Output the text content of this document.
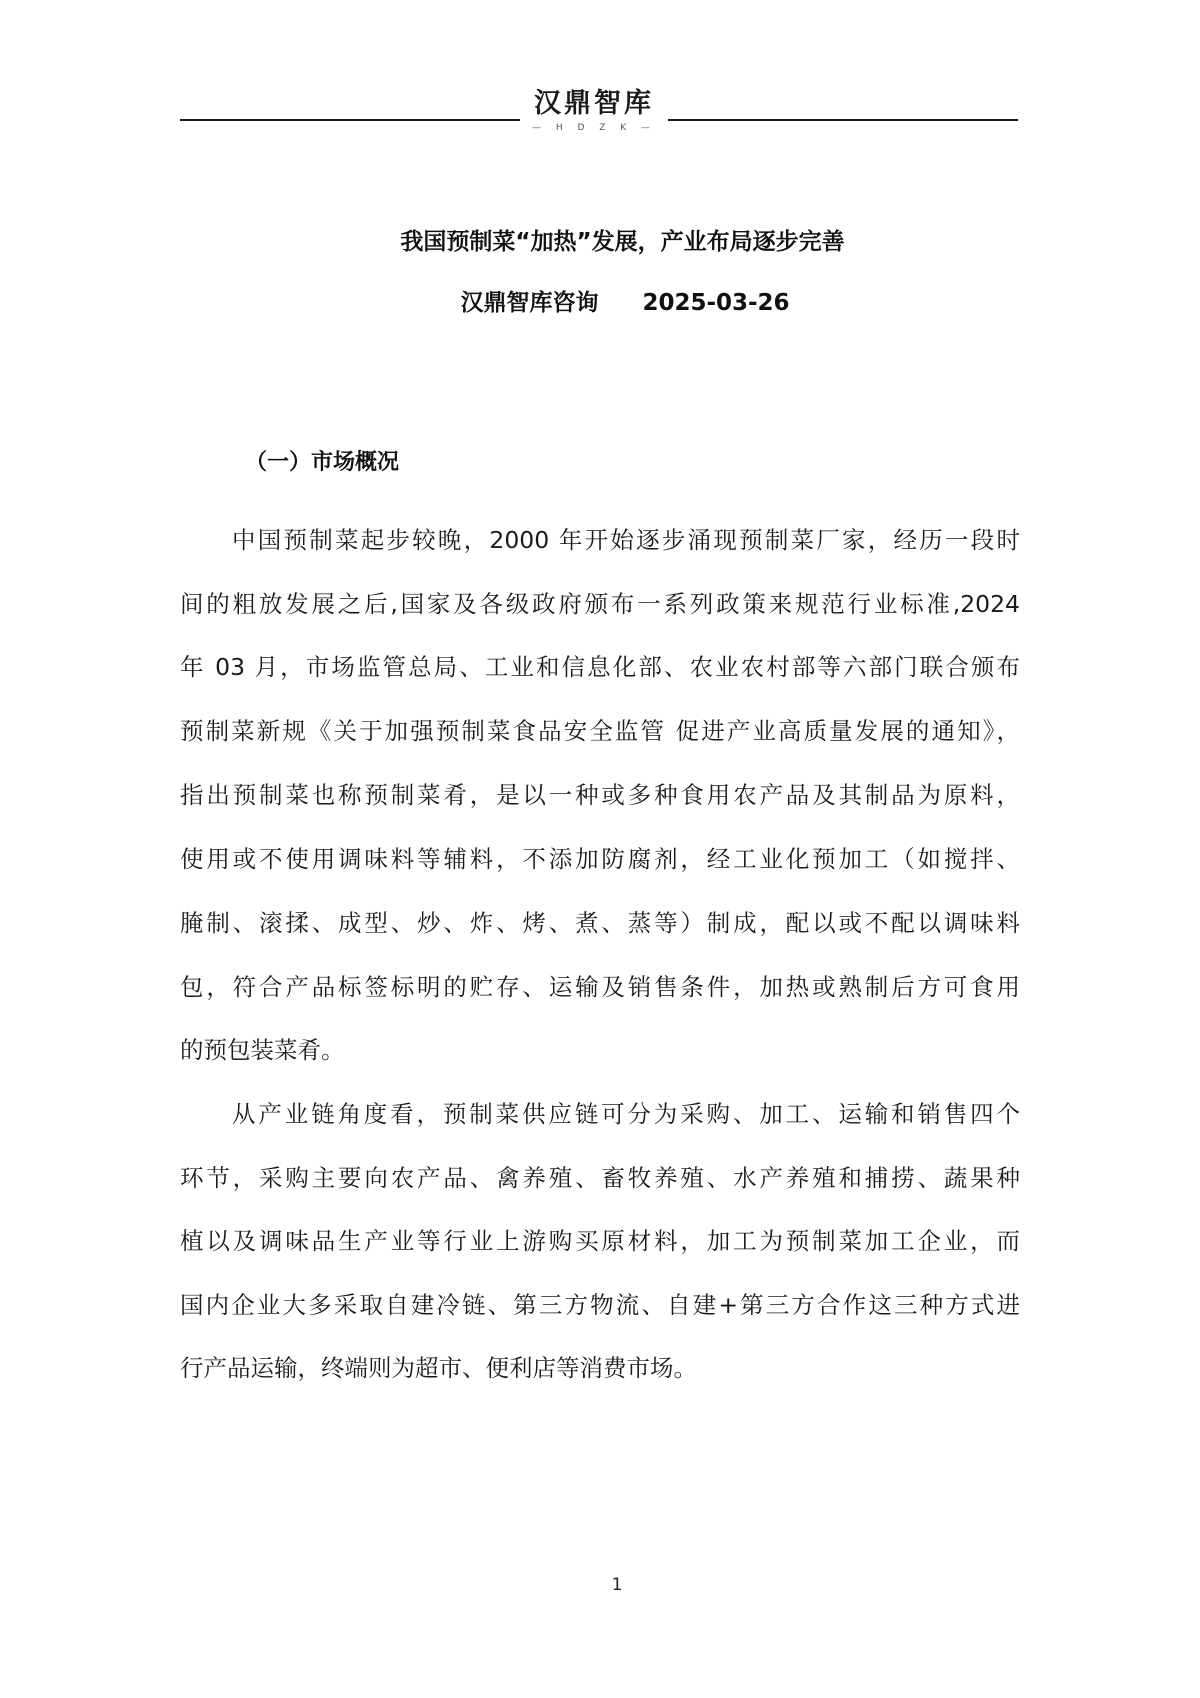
汉鼎智库
— H D Z K —
我国预制菜“加热”发展，产业布局逐步完善
汉鼎智库咨询 2025-03-26
（一）市场概况
中国预制菜起步较晚，2000 年开始逐步涌现预制菜厂家，经历一段时
间的粗放发展之后,国家及各级政府颁布一系列政策来规范行业标准,2024
年 03 月，市场监管总局、工业和信息化部、农业农村部等六部门联合颁布
预制菜新规《关于加强预制菜食品安全监管 促进产业高质量发展的通知》，
指出预制菜也称预制菜肴，是以一种或多种食用农产品及其制品为原料，
使用或不使用调味料等辅料，不添加防腐剂，经工业化预加工（如搅拌、
腌制、滚揉、成型、炒、炸、烤、煮、蒸等）制成，配以或不配以调味料
包，符合产品标签标明的贮存、运输及销售条件，加热或熟制后方可食用
的预包装菜肴。
从产业链角度看，预制菜供应链可分为采购、加工、运输和销售四个
环节，采购主要向农产品、禽养殖、畜牧养殖、水产养殖和捕捞、蔬果种
植以及调味品生产业等行业上游购买原材料，加工为预制菜加工企业，而
国内企业大多采取自建冷链、第三方物流、自建+第三方合作这三种方式进
行产品运输，终端则为超市、便利店等消费市场。
1
